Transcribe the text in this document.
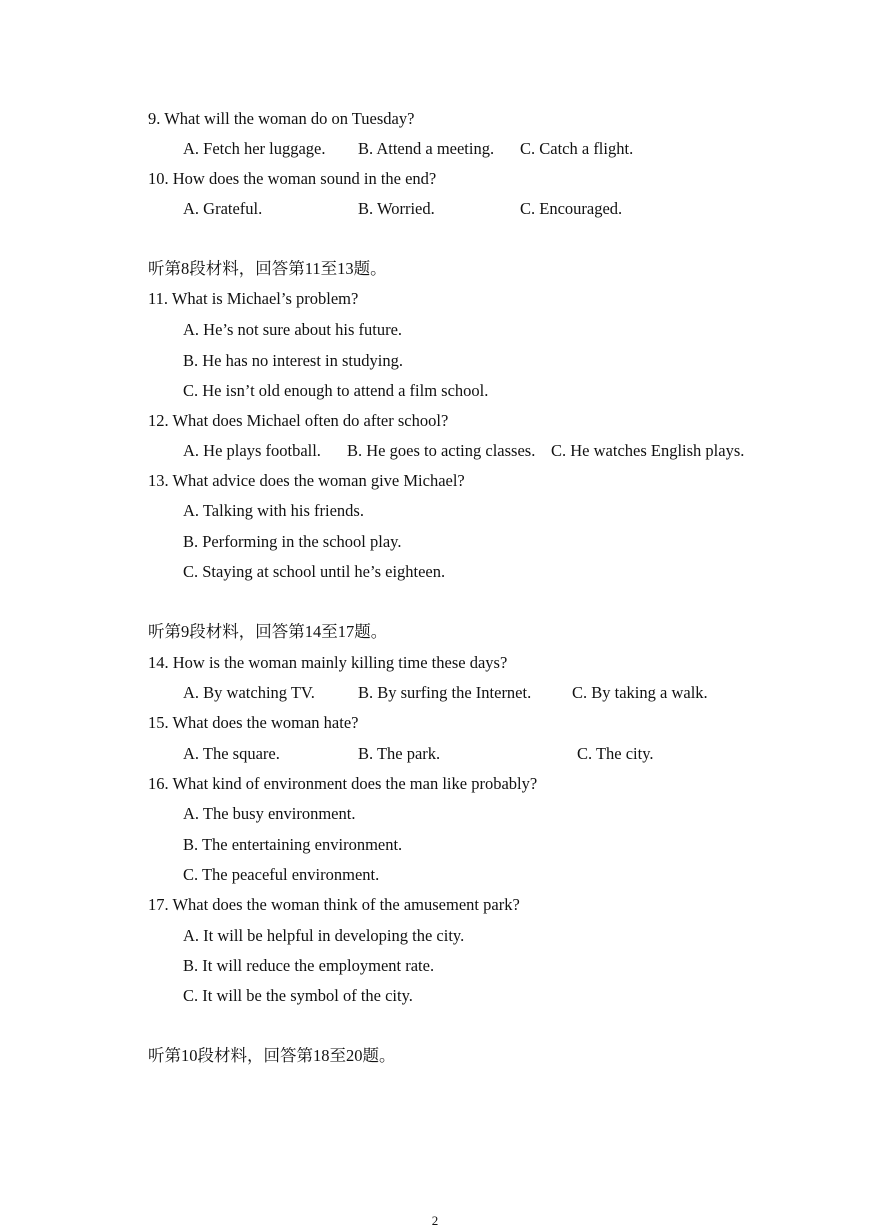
9. What will the woman do on Tuesday?
A. Fetch her luggage. B. Attend a meeting. C. Catch a flight.
10. How does the woman sound in the end?
A. Grateful.	B. Worried.	C. Encouraged.
听第8段材料，回答第11至13题。
11. What is Michael’s problem?
A. He’s not sure about his future.
B. He has no interest in studying.
C. He isn’t old enough to attend a film school.
12. What does Michael often do after school?
A. He plays football. B. He goes to acting classes. C. He watches English plays.
13. What advice does the woman give Michael?
A. Talking with his friends.
B. Performing in the school play.
C. Staying at school until he’s eighteen.
听第9段材料，回答第14至17题。
14. How is the woman mainly killing time these days?
A. By watching TV.	B. By surfing the Internet. C. By taking a walk.
15. What does the woman hate?
A. The square.	B. The park.	C. The city.
16. What kind of environment does the man like probably?
A. The busy environment.
B. The entertaining environment.
C. The peaceful environment.
17. What does the woman think of the amusement park?
A. It will be helpful in developing the city.
B. It will reduce the employment rate.
C. It will be the symbol of the city.
听第10段材料，回答第18至20题。
2
